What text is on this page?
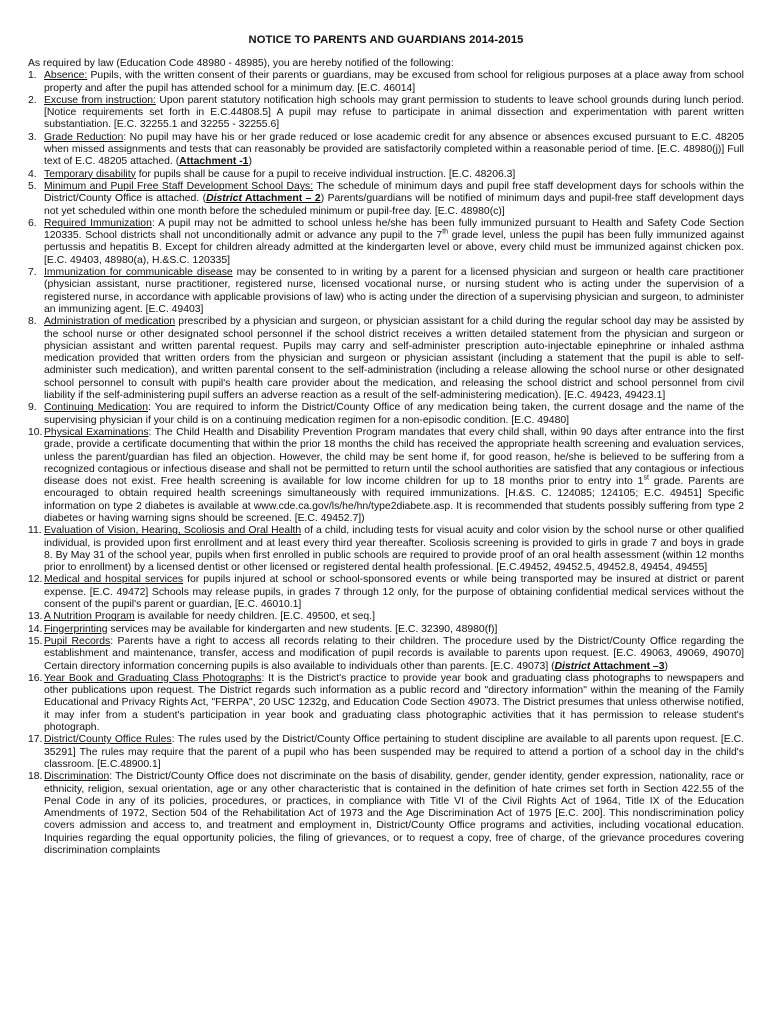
NOTICE TO PARENTS AND GUARDIANS 2014-2015
As required by law (Education Code 48980 - 48985), you are hereby notified of the following:
1. Absence: Pupils, with the written consent of their parents or guardians, may be excused from school for religious purposes at a place away from school property and after the pupil has attended school for a minimum day. [E.C. 46014]
2. Excuse from instruction: Upon parent statutory notification high schools may grant permission to students to leave school grounds during lunch period. [Notice requirements set forth in E.C.44808.5] A pupil may refuse to participate in animal dissection and experimentation with parent written substantiation. [E.C. 32255.1 and 32255 - 32255.6]
3. Grade Reduction: No pupil may have his or her grade reduced or lose academic credit for any absence or absences excused pursuant to E.C. 48205 when missed assignments and tests that can reasonably be provided are satisfactorily completed within a reasonable period of time. [E.C. 48980(j)] Full text of E.C. 48205 attached. (Attachment -1)
4. Temporary disability for pupils shall be cause for a pupil to receive individual instruction. [E.C. 48206.3]
5. Minimum and Pupil Free Staff Development School Days: The schedule of minimum days and pupil free staff development days for schools within the District/County Office is attached. (District Attachment – 2) Parents/guardians will be notified of minimum days and pupil-free staff development days not yet scheduled within one month before the scheduled minimum or pupil-free day. [E.C. 48980(c)]
6. Required Immunization: A pupil may not be admitted to school unless he/she has been fully immunized pursuant to Health and Safety Code Section 120335. School districts shall not unconditionally admit or advance any pupil to the 7th grade level, unless the pupil has been fully immunized against pertussis and hepatitis B. Except for children already admitted at the kindergarten level or above, every child must be immunized against chicken pox. [E.C. 49403, 48980(a), H.&S.C. 120335]
7. Immunization for communicable disease may be consented to in writing by a parent for a licensed physician and surgeon or health care practitioner (physician assistant, nurse practitioner, registered nurse, licensed vocational nurse, or nursing student who is acting under the supervision of a registered nurse, in accordance with applicable provisions of law) who is acting under the direction of a supervising physician and surgeon, to administer an immunizing agent. [E.C. 49403]
8. Administration of medication prescribed by a physician and surgeon, or physician assistant for a child during the regular school day may be assisted by the school nurse or other designated school personnel if the school district receives a written detailed statement from the physician and surgeon or physician assistant and written parental request. Pupils may carry and self-administer prescription auto-injectable epinephrine or inhaled asthma medication provided that written orders from the physician and surgeon or physician assistant (including a statement that the pupil is able to self-administer such medication), and written parental consent to the self-administration (including a release allowing the school nurse or other designated school personnel to consult with pupil's health care provider about the medication, and releasing the school district and school personnel from civil liability if the self-administering pupil suffers an adverse reaction as a result of the self-administering medication). [E.C. 49423, 49423.1]
9. Continuing Medication: You are required to inform the District/County Office of any medication being taken, the current dosage and the name of the supervising physician if your child is on a continuing medication regimen for a non-episodic condition. [E.C. 49480]
10. Physical Examinations: The Child Health and Disability Prevention Program mandates that every child shall, within 90 days after entrance into the first grade, provide a certificate documenting that within the prior 18 months the child has received the appropriate health screening and evaluation services, unless the parent/guardian has filed an objection. However, the child may be sent home if, for good reason, he/she is believed to be suffering from a recognized contagious or infectious disease and shall not be permitted to return until the school authorities are satisfied that any contagious or infectious disease does not exist. Free health screening is available for low income children for up to 18 months prior to entry into 1st grade. Parents are encouraged to obtain required health screenings simultaneously with required immunizations. [H.&S. C. 124085; 124105; E.C. 49451] Specific information on type 2 diabetes is available at www.cde.ca.gov/ls/he/hn/type2diabete.asp. It is recommended that students possibly suffering from type 2 diabetes or having warning signs should be screened. [E.C. 49452.7])
11. Evaluation of Vision, Hearing, Scoliosis and Oral Health of a child, including tests for visual acuity and color vision by the school nurse or other qualified individual, is provided upon first enrollment and at least every third year thereafter. Scoliosis screening is provided to girls in grade 7 and boys in grade 8. By May 31 of the school year, pupils when first enrolled in public schools are required to provide proof of an oral health assessment (within 12 months prior to enrollment) by a licensed dentist or other licensed or registered dental health professional. [E.C.49452, 49452.5, 49452.8, 49454, 49455]
12. Medical and hospital services for pupils injured at school or school-sponsored events or while being transported may be insured at district or parent expense. [E.C. 49472] Schools may release pupils, in grades 7 through 12 only, for the purpose of obtaining confidential medical services without the consent of the pupil's parent or guardian, [E.C. 46010.1]
13. A Nutrition Program is available for needy children. [E.C. 49500, et seq.]
14. Fingerprinting services may be available for kindergarten and new students. [E.C. 32390, 48980(f)]
15. Pupil Records: Parents have a right to access all records relating to their children. The procedure used by the District/County Office regarding the establishment and maintenance, transfer, access and modification of pupil records is available to parents upon request. [E.C. 49063, 49069, 49070] Certain directory information concerning pupils is also available to individuals other than parents. [E.C. 49073] (District Attachment –3)
16. Year Book and Graduating Class Photographs: It is the District's practice to provide year book and graduating class photographs to newspapers and other publications upon request. The District regards such information as a public record and "directory information" within the meaning of the Family Educational and Privacy Rights Act, "FERPA", 20 USC 1232g, and Education Code Section 49073. The District presumes that unless otherwise notified, it may infer from a student's participation in year book and graduating class photographic activities that it has permission to release student's photograph.
17. District/County Office Rules: The rules used by the District/County Office pertaining to student discipline are available to all parents upon request. [E.C. 35291] The rules may require that the parent of a pupil who has been suspended may be required to attend a portion of a school day in the child's classroom. [E.C.48900.1]
18. Discrimination: The District/County Office does not discriminate on the basis of disability, gender, gender identity, gender expression, nationality, race or ethnicity, religion, sexual orientation, age or any other characteristic that is contained in the definition of hate crimes set forth in Section 422.55 of the Penal Code in any of its policies, procedures, or practices, in compliance with Title VI of the Civil Rights Act of 1964, Title IX of the Education Amendments of 1972, Section 504 of the Rehabilitation Act of 1973 and the Age Discrimination Act of 1975 [E.C. 200]. This nondiscrimination policy covers admission and access to, and treatment and employment in, District/County Office programs and activities, including vocational education. Inquiries regarding the equal opportunity policies, the filing of grievances, or to request a copy, free of charge, of the grievance procedures covering discrimination complaints
